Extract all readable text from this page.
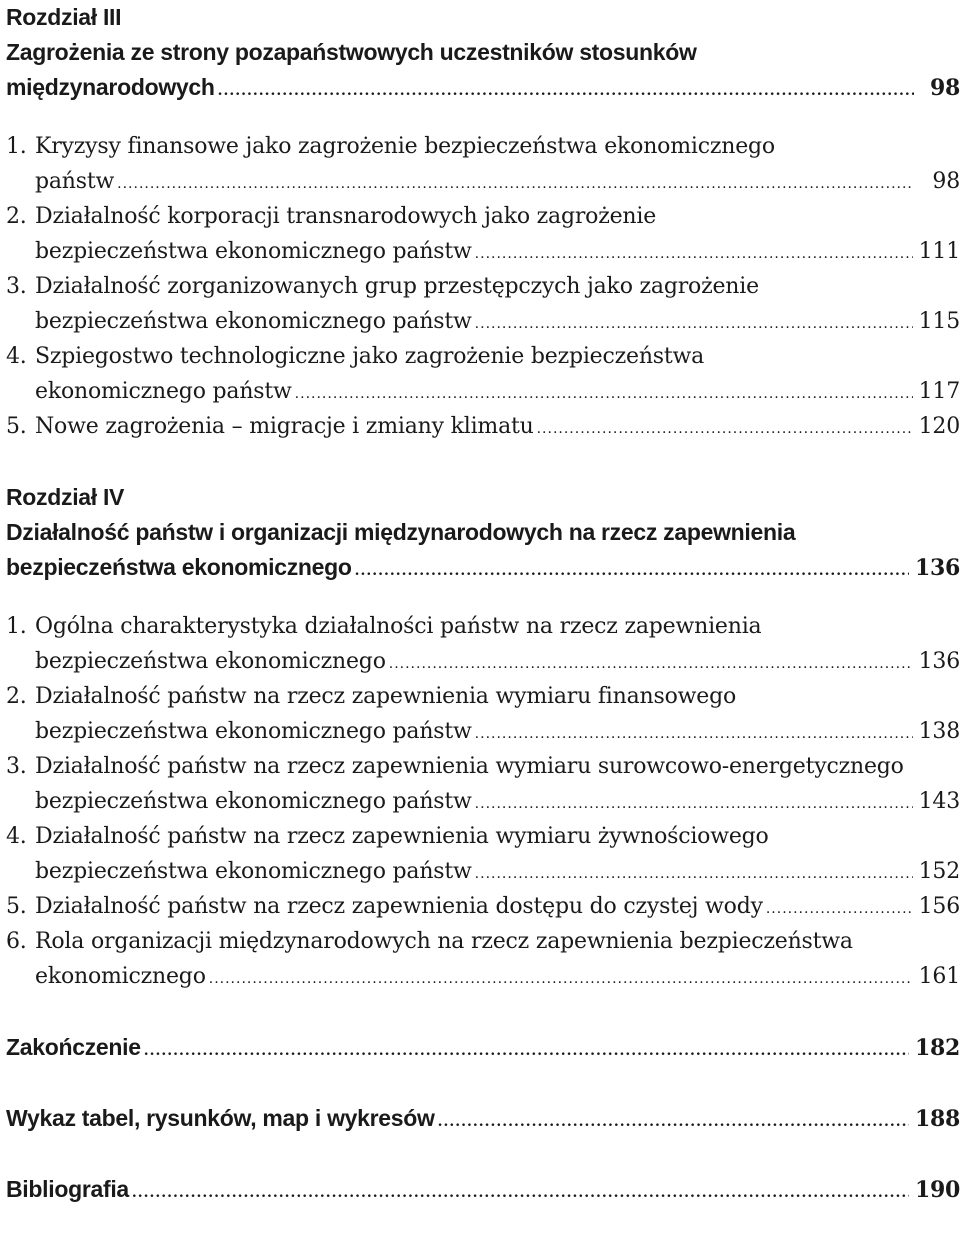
Rozdział III
Zagrożenia ze strony pozapaństwowych uczestników stosunków
międzynarodowych .....	98
1. Kryzysy finansowe jako zagrożenie bezpieczeństwa ekonomicznego
państw .....	98
2. Działalność korporacji transnarodowych jako zagrożenie
bezpieczeństwa ekonomicznego państw .....	111
3. Działalność zorganizowanych grup przestępczych jako zagrożenie
bezpieczeństwa ekonomicznego państw .....	115
4. Szpiegostwo technologiczne jako zagrożenie bezpieczeństwa
ekonomicznego państw .....	117
5. Nowe zagrożenia – migracje i zmiany klimatu .....	120
Rozdział IV
Działalność państw i organizacji międzynarodowych na rzecz zapewnienia
bezpieczeństwa ekonomicznego .....	136
1. Ogólna charakterystyka działalności państw na rzecz zapewnienia
bezpieczeństwa ekonomicznego .....	136
2. Działalność państw na rzecz zapewnienia wymiaru finansowego
bezpieczeństwa ekonomicznego państw .....	138
3. Działalność państw na rzecz zapewnienia wymiaru surowcowo-energetycznego
bezpieczeństwa ekonomicznego państw .....	143
4. Działalność państw na rzecz zapewnienia wymiaru żywnościowego
bezpieczeństwa ekonomicznego państw .....	152
5. Działalność państw na rzecz zapewnienia dostępu do czystej wody .....	156
6. Rola organizacji międzynarodowych na rzecz zapewnienia bezpieczeństwa
ekonomicznego .....	161
Zakończenie .....	182
Wykaz tabel, rysunków, map i wykresów .....	188
Bibliografia .....	190
